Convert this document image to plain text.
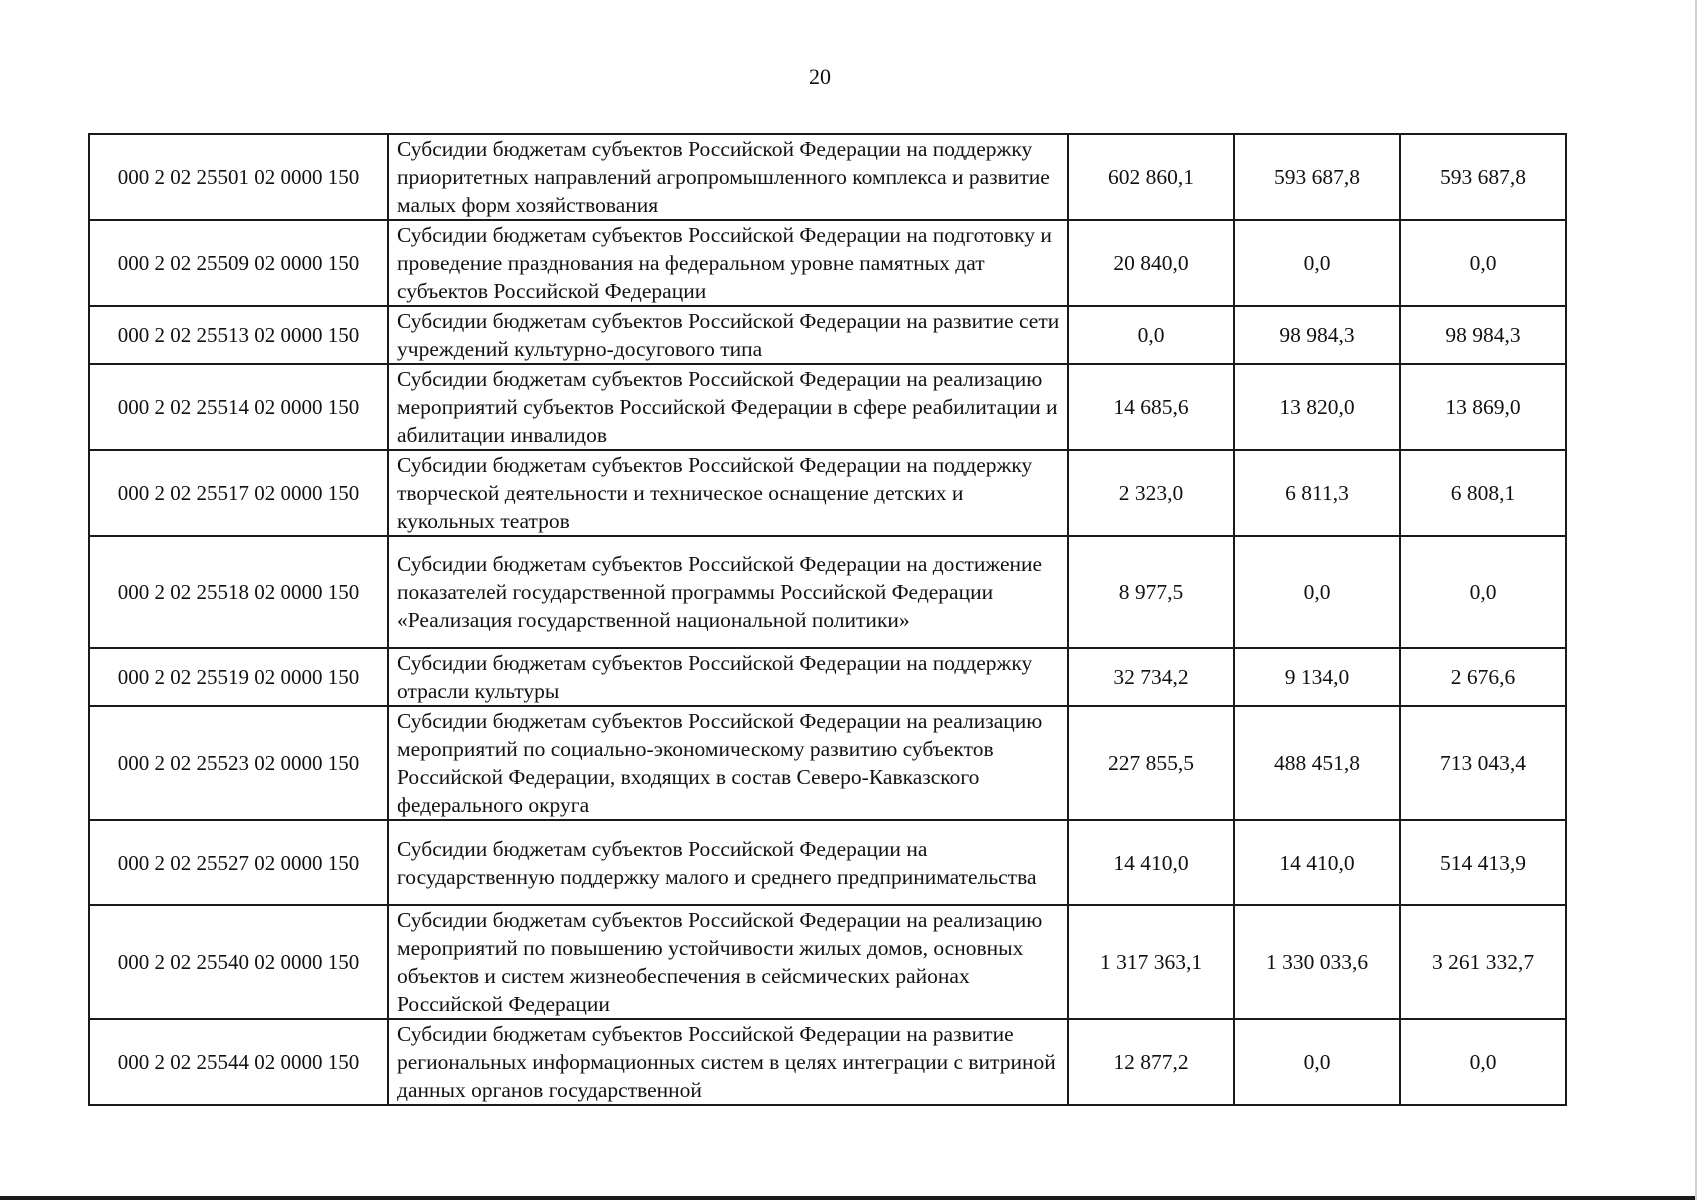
20
000 2 02 25501 02 0000 150	Субсидии бюджетам субъектов Российской Федерации на поддержку приоритетных направлений агропромышленного комплекса и развитие малых форм хозяйствования	602 860,1	593 687,8	593 687,8
000 2 02 25509 02 0000 150	Субсидии бюджетам субъектов Российской Федерации на подготовку и проведение празднования на федеральном уровне памятных дат субъектов Российской Федерации	20 840,0	0,0	0,0
000 2 02 25513 02 0000 150	Субсидии бюджетам субъектов Российской Федерации на развитие сети учреждений культурно-досугового типа	0,0	98 984,3	98 984,3
000 2 02 25514 02 0000 150	Субсидии бюджетам субъектов Российской Федерации на реализацию мероприятий субъектов Российской Федерации в сфере реабилитации и абилитации инвалидов	14 685,6	13 820,0	13 869,0
000 2 02 25517 02 0000 150	Субсидии бюджетам субъектов Российской Федерации на поддержку творческой деятельности и техническое оснащение детских и кукольных театров	2 323,0	6 811,3	6 808,1
000 2 02 25518 02 0000 150	Субсидии бюджетам субъектов Российской Федерации на достижение показателей государственной программы Российской Федерации «Реализация государственной национальной политики»	8 977,5	0,0	0,0
000 2 02 25519 02 0000 150	Субсидии бюджетам субъектов Российской Федерации на поддержку отрасли культуры	32 734,2	9 134,0	2 676,6
000 2 02 25523 02 0000 150	Субсидии бюджетам субъектов Российской Федерации на реализацию мероприятий по социально-экономическому развитию субъектов Российской Федерации, входящих в состав Северо-Кавказского федерального округа	227 855,5	488 451,8	713 043,4
000 2 02 25527 02 0000 150	Субсидии бюджетам субъектов Российской Федерации на государственную поддержку малого и среднего предпринимательства	14 410,0	14 410,0	514 413,9
000 2 02 25540 02 0000 150	Субсидии бюджетам субъектов Российской Федерации на реализацию мероприятий по повышению устойчивости жилых домов, основных объектов и систем жизнеобеспечения в сейсмических районах Российской Федерации	1 317 363,1	1 330 033,6	3 261 332,7
000 2 02 25544 02 0000 150	Субсидии бюджетам субъектов Российской Федерации на развитие региональных информационных систем в целях интеграции с витриной данных органов государственной	12 877,2	0,0	0,0
